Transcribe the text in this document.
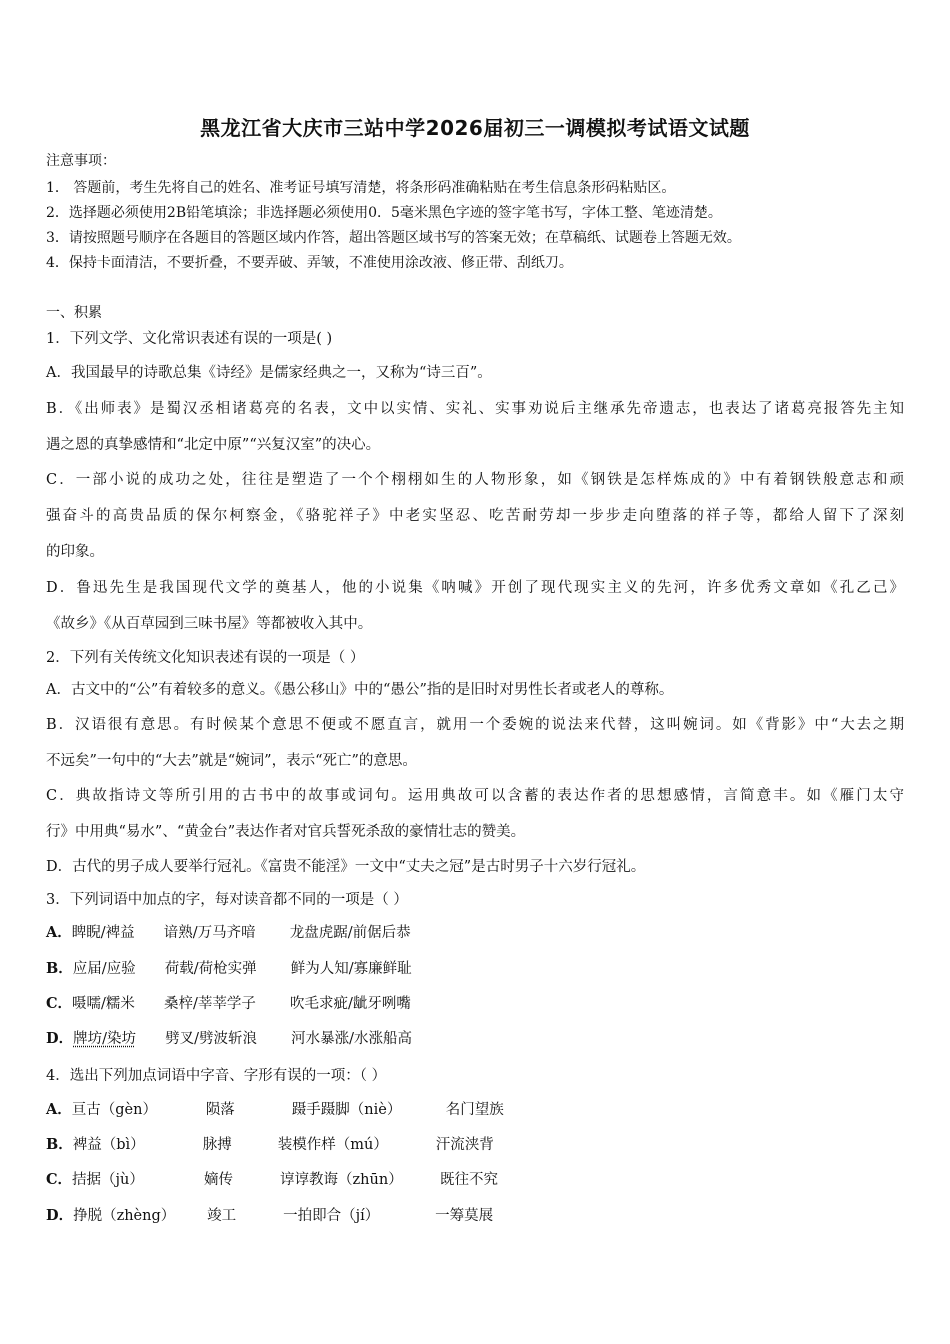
黑龙江省大庆市三站中学2026届初三一调模拟考试语文试题
注意事项：
1． 答题前，考生先将自己的姓名、准考证号填写清楚，将条形码准确粘贴在考生信息条形码粘贴区。
2．选择题必须使用2B铅笔填涂；非选择题必须使用0．5毫米黑色字迹的签字笔书写，字体工整、笔迹清楚。
3．请按照题号顺序在各题目的答题区域内作答，超出答题区域书写的答案无效；在草稿纸、试题卷上答题无效。
4．保持卡面清洁，不要折叠，不要弄破、弄皱，不准使用涂改液、修正带、刮纸刀。
一、积累
1．下列文学、文化常识表述有误的一项是( )
A．我国最早的诗歌总集《诗经》是儒家经典之一，又称为“诗三百”。
B．《出师表》是蜀汉丞相诸葛亮的名表，文中以实情、实礼、实事劝说后主继承先帝遗志，也表达了诸葛亮报答先主知
遇之恩的真挚感情和“北定中原”“兴复汉室”的决心。
C．一部小说的成功之处，往往是塑造了一个个栩栩如生的人物形象，如《钢铁是怎样炼成的》中有着钢铁般意志和顽
强奋斗的高贵品质的保尔柯察金，《骆驼祥子》中老实坚忍、吃苦耐劳却一步步走向堕落的祥子等，都给人留下了深刻
的印象。
D．鲁迅先生是我国现代文学的奠基人，他的小说集《呐喊》开创了现代现实主义的先河，许多优秀文章如《孔乙己》
《故乡》《从百草园到三味书屋》等都被收入其中。
2．下列有关传统文化知识表述有误的一项是（ ）
A．古文中的“公”有着较多的意义。《愚公移山》中的“愚公”指的是旧时对男性长者或老人的尊称。
B．汉语很有意思。有时候某个意思不便或不愿直言，就用一个委婉的说法来代替，这叫婉词。如《背影》中“大去之期
不远矣”一句中的“大去”就是“婉词”，表示“死亡”的意思。
C．典故指诗文等所引用的古书中的故事或词句。运用典故可以含蓄的表达作者的思想感情，言简意丰。如《雁门太守
行》中用典“易水”、“黄金台”表达作者对官兵誓死杀敌的豪情壮志的赞美。
D．古代的男子成人要举行冠礼。《富贵不能淫》一文中“丈夫之冠”是古时男子十六岁行冠礼。
3．下列词语中加点的字，每对读音都不同的一项是（ ）
A．睥睨/裨益 谙熟/万马齐喑 龙盘虎踞/前倨后恭
B．应届/应验 荷载/荷枪实弹 鲜为人知/寡廉鲜耻
C．嗫嚅/糯米 桑梓/莘莘学子 吹毛求疵/龇牙咧嘴
D．牌坊/染坊 劈叉/劈波斩浪 河水暴涨/水涨船高
4．选出下列加点词语中字音、字形有误的一项：（ ）
A．亘古（gèn）	陨落	蹑手蹑脚（niè）	名门望族
B．裨益（bì）	脉搏	装模作样（mú）	汗流浃背
C．拮据（jù）	嫡传	谆谆教诲（zhūn）	既往不究
D．挣脱（zhèng） 竣工	一拍即合（jí）	一筹莫展
